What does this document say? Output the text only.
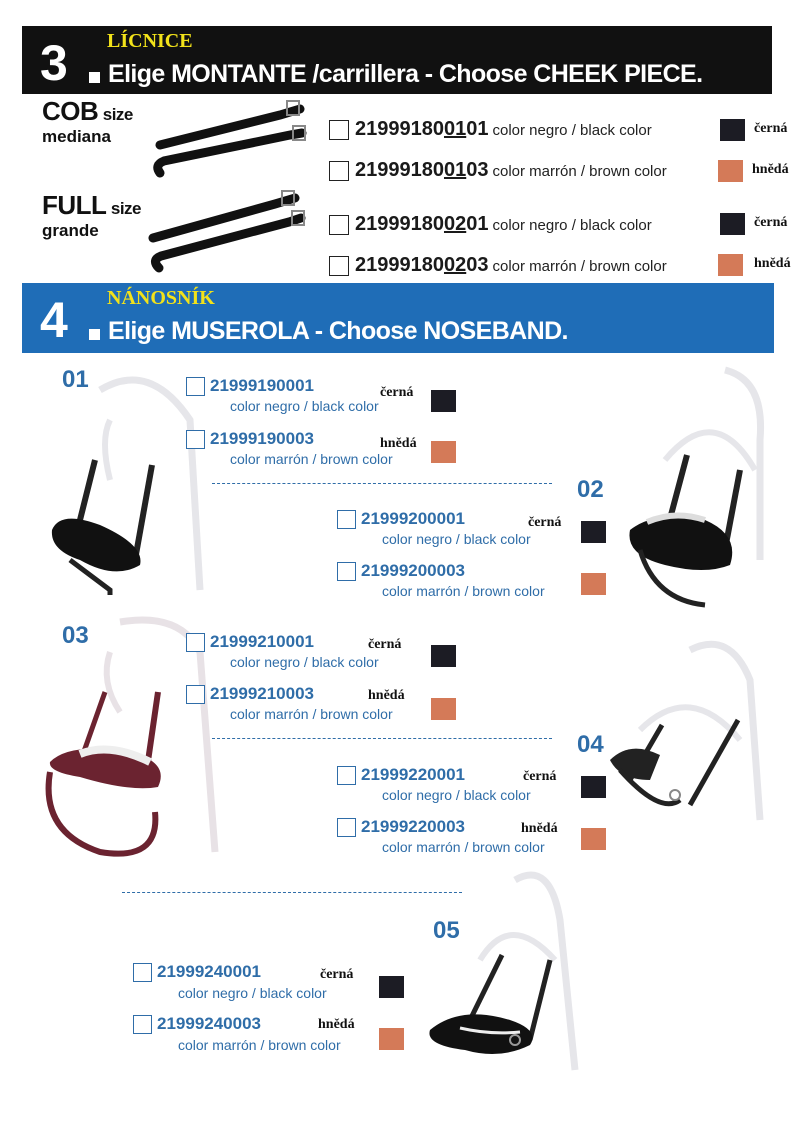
3 LÍCNICE
Elige MONTANTE /carrillera - Choose CHEEK PIECE.
COB size
mediana
FULL size
grande
219991800101 color negro / black color	černá
219991800103 color marrón / brown color	hnědá
219991800201 color negro / black color	černá
219991800203 color marrón / brown color	hnědá
4 NÁNOSNÍK
Elige MUSEROLA - Choose NOSEBAND.
01	21999190001
color negro / black color
černá
21999190003
color marrón / brown color
hnědá
02
21999200001
color negro / black color
černá
21999200003
color marrón / brown color
03	21999210001
color negro / black color
černá
21999210003
color marrón / brown color
hnědá
04
21999220001
color negro / black color
černá
21999220003
color marrón / brown color
hnědá
05
21999240001
color negro / black color
černá
21999240003
color marrón / brown color
hnědá
